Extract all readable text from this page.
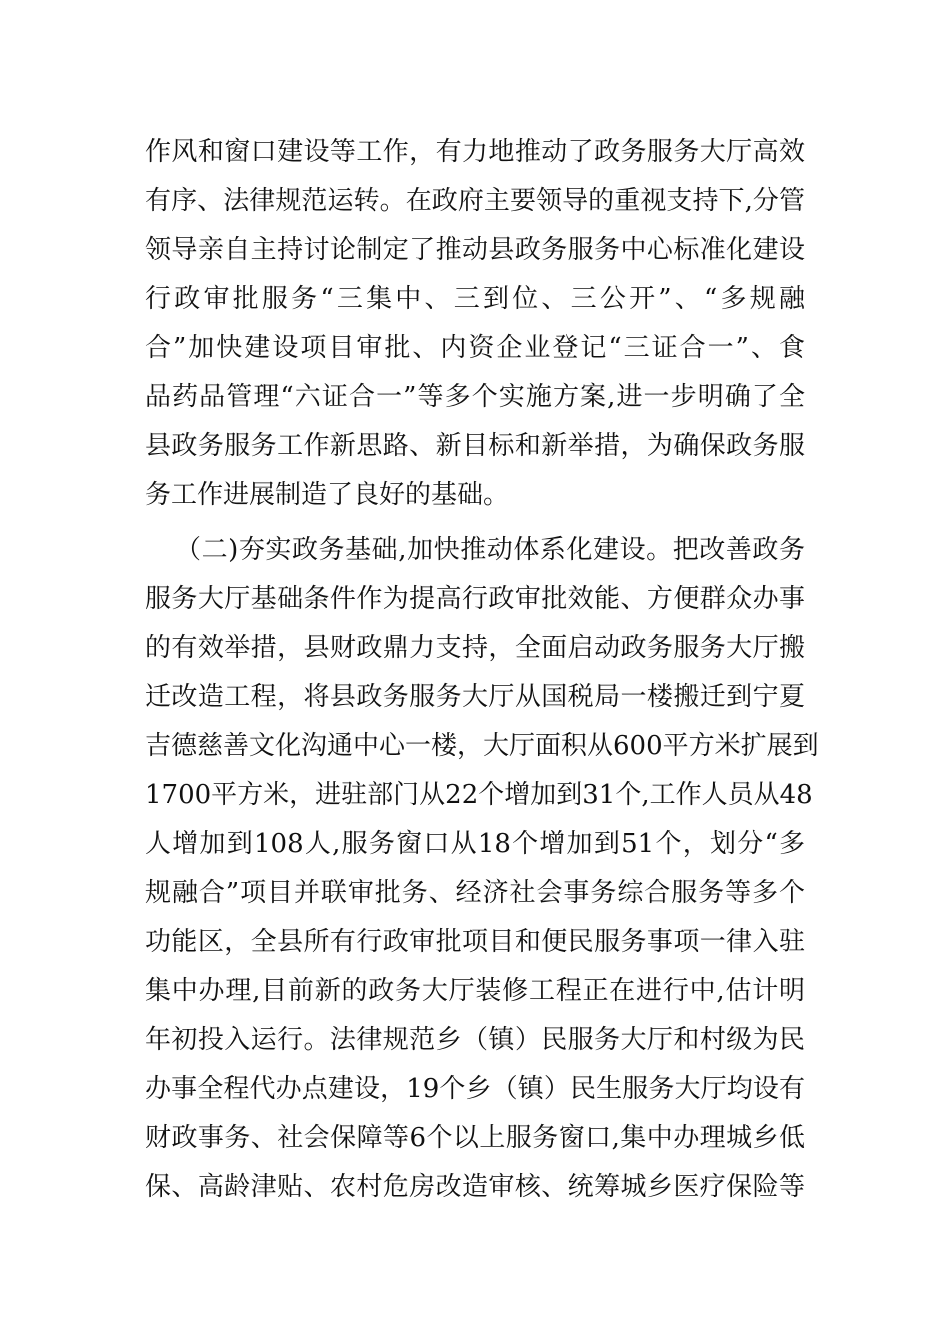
作风和窗口建设等工作，有力地推动了政务服务大厅高效
有序、法律规范运转。在政府主要领导的重视支持下,分管
领导亲自主持讨论制定了推动县政务服务中心标准化建设
行政审批服务“三集中、三到位、三公开”、“多规融
合”加快建设项目审批、内资企业登记“三证合一”、食
品药品管理“六证合一”等多个实施方案,进一步明确了全
县政务服务工作新思路、新目标和新举措，为确保政务服
务工作进展制造了良好的基础。
（二)夯实政务基础,加快推动体系化建设。把改善政务
服务大厅基础条件作为提高行政审批效能、方便群众办事
的有效举措，县财政鼎力支持，全面启动政务服务大厅搬
迁改造工程，将县政务服务大厅从国税局一楼搬迁到宁夏
吉德慈善文化沟通中心一楼，大厅面积从600平方米扩展到
1700平方米，进驻部门从22个增加到31个,工作人员从48
人增加到108人,服务窗口从18个增加到51个，划分“多
规融合”项目并联审批务、经济社会事务综合服务等多个
功能区，全县所有行政审批项目和便民服务事项一律入驻
集中办理,目前新的政务大厅装修工程正在进行中,估计明
年初投入运行。法律规范乡（镇）民服务大厅和村级为民
办事全程代办点建设，19个乡（镇）民生服务大厅均设有
财政事务、社会保障等6个以上服务窗口,集中办理城乡低
保、高龄津贴、农村危房改造审核、统筹城乡医疗保险等
